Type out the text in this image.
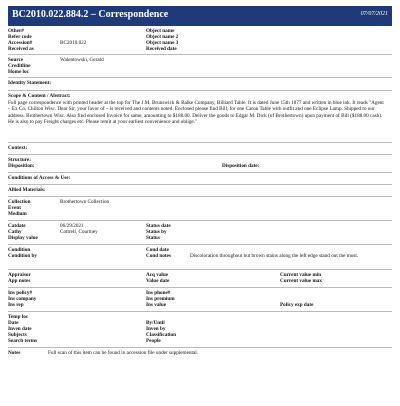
BC2010.022.884.2 – Correspondence	07/07/2021
Other#	Object name
Refer code	Object name 2
Accession#	BC2010.022	Object name 3
Received as	Received date
Source	Walentowski, Gerald
Creditline
Home loc
Identity Statement:
Scope & Content / Abstract:

Full page correspondence with printed header at the top for The J.M. Brunswick & Balke Company, Billiard Table. It is dated June 15th 1877 and written in blue ink. It reads "Agent – Ex Co, Chilton Wisc. Dear Sir, your favor of – is received and contents noted. Enclosed please find Bill, for one Caron Table with outfit and one Eclipse Lamp. Shipped to our address. Brothertown Wisc. Also find enclosed Invoice for same, amounting to $188.00. Deliver the goods to Edgar M. Dick (of Brothertown) upon payment of Bill ($188.00 cash). He is also to pay Freight charges etc. Please remit at your earliest convenience and oblige."

Context:
Structure:
Disposition:	Disposition date:
Conditions of Access & Use:
Allied Materials:
Collection	Brothertown Collection
Event
Medium
Catdate	06/29/2021	Status date
Cathy	Cottrell, Courtney	Status by
Display value	Status
Condition	Cond date
Condition by	Cond notes	Discoloration throughout but brown stains along the left edge stand out the most.
Appraisor	Acq value	Current value min
App notes	Value date	Current value max
Ins policy#	Ins phone#
Ins company	Ins premium
Ins rep	Ins value	Policy exp date
Temp loc
Date	By/Until
Inven date	Inven by
Subjects	Classification
Search terms	People
Notes	Full scan of this item can be found in accession file under supplemental.
